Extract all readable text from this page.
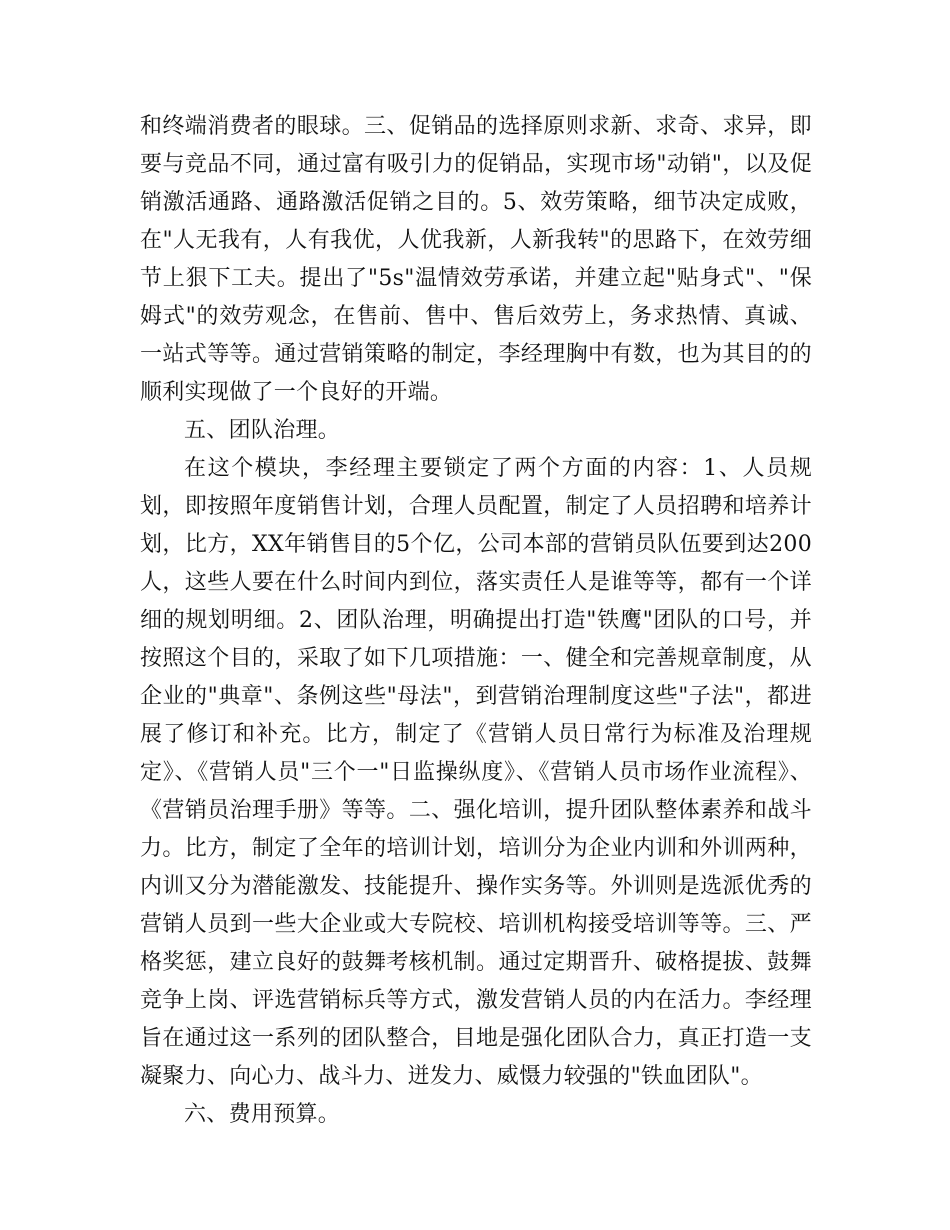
和终端消费者的眼球。三、促销品的选择原则求新、求奇、求异，即要与竞品不同，通过富有吸引力的促销品，实现市场"动销"，以及促销激活通路、通路激活促销之目的。5、效劳策略，细节决定成败，在"人无我有，人有我优，人优我新，人新我转"的思路下，在效劳细节上狠下工夫。提出了"5s"温情效劳承诺，并建立起"贴身式"、"保姆式"的效劳观念，在售前、售中、售后效劳上，务求热情、真诚、一站式等等。通过营销策略的制定，李经理胸中有数，也为其目的的顺利实现做了一个良好的开端。

五、团队治理。

在这个模块，李经理主要锁定了两个方面的内容：1、人员规划，即按照年度销售计划，合理人员配置，制定了人员招聘和培养计划，比方，XX年销售目的5个亿，公司本部的营销员队伍要到达200人，这些人要在什么时间内到位，落实责任人是谁等等，都有一个详细的规划明细。2、团队治理，明确提出打造"铁鹰"团队的口号，并按照这个目的，采取了如下几项措施：一、健全和完善规章制度，从企业的"典章"、条例这些"母法"，到营销治理制度这些"子法"，都进展了修订和补充。比方，制定了《营销人员日常行为标准及治理规定》、《营销人员"三个一"日监操纵度》、《营销人员市场作业流程》、《营销员治理手册》等等。二、强化培训，提升团队整体素养和战斗力。比方，制定了全年的培训计划，培训分为企业内训和外训两种，内训又分为潜能激发、技能提升、操作实务等。外训则是选派优秀的营销人员到一些大企业或大专院校、培训机构接受培训等等。三、严格奖惩，建立良好的鼓舞考核机制。通过定期晋升、破格提拔、鼓舞竞争上岗、评选营销标兵等方式，激发营销人员的内在活力。李经理旨在通过这一系列的团队整合，目地是强化团队合力，真正打造一支凝聚力、向心力、战斗力、迸发力、威慑力较强的"铁血团队"。

六、费用预算。
